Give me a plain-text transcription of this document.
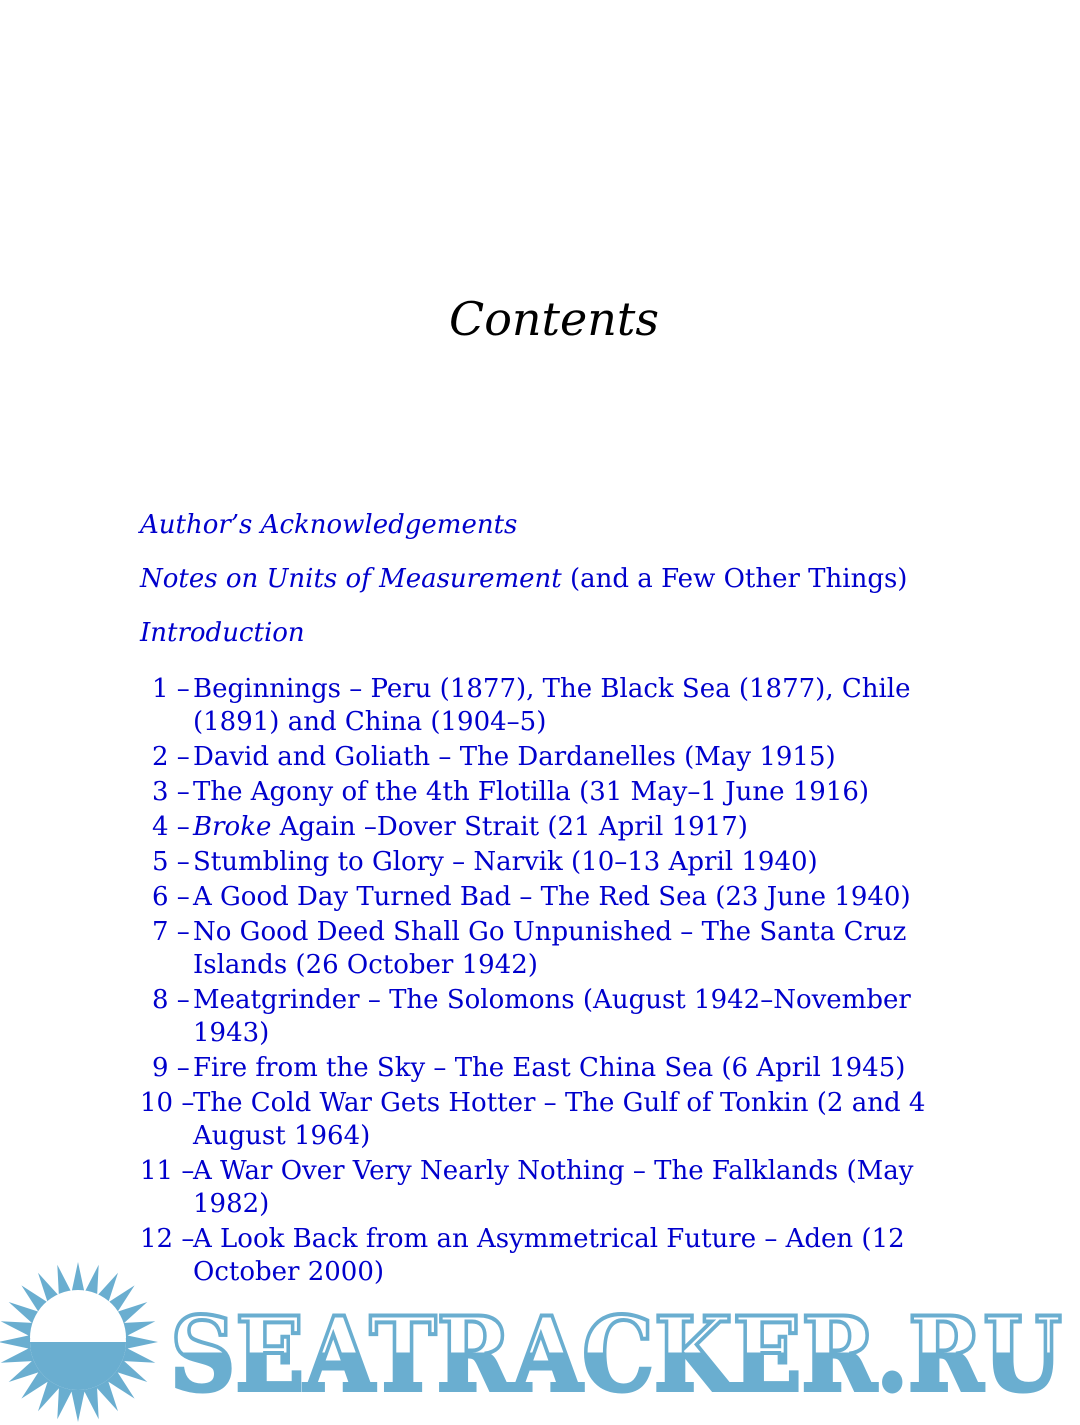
Contents
Author’s Acknowledgements
Notes on Units of Measurement (and a Few Other Things)
Introduction
1 – Beginnings – Peru (1877), The Black Sea (1877), Chile (1891) and China (1904–5)
2 – David and Goliath – The Dardanelles (May 1915)
3 – The Agony of the 4th Flotilla (31 May–1 June 1916)
4 – Broke Again –Dover Strait (21 April 1917)
5 – Stumbling to Glory – Narvik (10–13 April 1940)
6 – A Good Day Turned Bad – The Red Sea (23 June 1940)
7 – No Good Deed Shall Go Unpunished – The Santa Cruz Islands (26 October 1942)
8 – Meatgrinder – The Solomons (August 1942–November 1943)
9 – Fire from the Sky – The East China Sea (6 April 1945)
10 –
The Cold War Gets Hotter – The Gulf of Tonkin (2 and 4 August 1964)
11 –
A War Over Very Nearly Nothing – The Falklands (May 1982)
12 –
A Look Back from an Asymmetrical Future – Aden (12 October 2000)
SEATRACKER.RU
